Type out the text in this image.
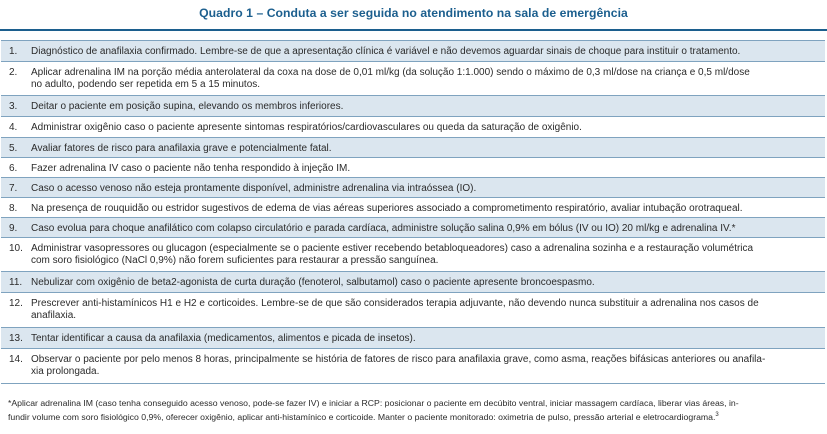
Quadro 1 – Conduta a ser seguida no atendimento na sala de emergência
1.	Diagnóstico de anafilaxia confirmado. Lembre-se de que a apresentação clínica é variável e não devemos aguardar sinais de choque para instituir o tratamento.
2.	Aplicar adrenalina IM na porção média anterolateral da coxa na dose de 0,01 ml/kg (da solução 1:1.000) sendo o máximo de 0,3 ml/dose na criança e 0,5 ml/dose
no adulto, podendo ser repetida em 5 a 15 minutos.
3.	Deitar o paciente em posição supina, elevando os membros inferiores.
4.	Administrar oxigênio caso o paciente apresente sintomas respiratórios/cardiovasculares ou queda da saturação de oxigênio.
5.	Avaliar fatores de risco para anafilaxia grave e potencialmente fatal.
6.	Fazer adrenalina IV caso o paciente não tenha respondido à injeção IM.
7.	Caso o acesso venoso não esteja prontamente disponível, administre adrenalina via intraóssea (IO).
8.	Na presença de rouquidão ou estridor sugestivos de edema de vias aéreas superiores associado a comprometimento respiratório, avaliar intubação orotraqueal.
9.	Caso evolua para choque anafilático com colapso circulatório e parada cardíaca, administre solução salina 0,9% em bólus (IV ou IO) 20 ml/kg e adrenalina IV.*
10. Administrar vasopressores ou glucagon (especialmente se o paciente estiver recebendo betabloqueadores) caso a adrenalina sozinha e a restauração volumétrica
com soro fisiológico (NaCl 0,9%) não forem suficientes para restaurar a pressão sanguínea.
11. Nebulizar com oxigênio de beta2-agonista de curta duração (fenoterol, salbutamol) caso o paciente apresente broncoespasmo.
12. Prescrever anti-histamínicos H1 e H2 e corticoides. Lembre-se de que são considerados terapia adjuvante, não devendo nunca substituir a adrenalina nos casos de
anafilaxia.
13. Tentar identificar a causa da anafilaxia (medicamentos, alimentos e picada de insetos).
14. Observar o paciente por pelo menos 8 horas, principalmente se história de fatores de risco para anafilaxia grave, como asma, reações bifásicas anteriores ou anafila-
xia prolongada.
*Aplicar adrenalina IM (caso tenha conseguido acesso venoso, pode-se fazer IV) e iniciar a RCP: posicionar o paciente em decúbito ventral, iniciar massagem cardíaca, liberar vias áreas, in-
fundir volume com soro fisiológico 0,9%, oferecer oxigênio, aplicar anti-histamínico e corticoide. Manter o paciente monitorado: oximetria de pulso, pressão arterial e eletrocardiograma.$^3$
